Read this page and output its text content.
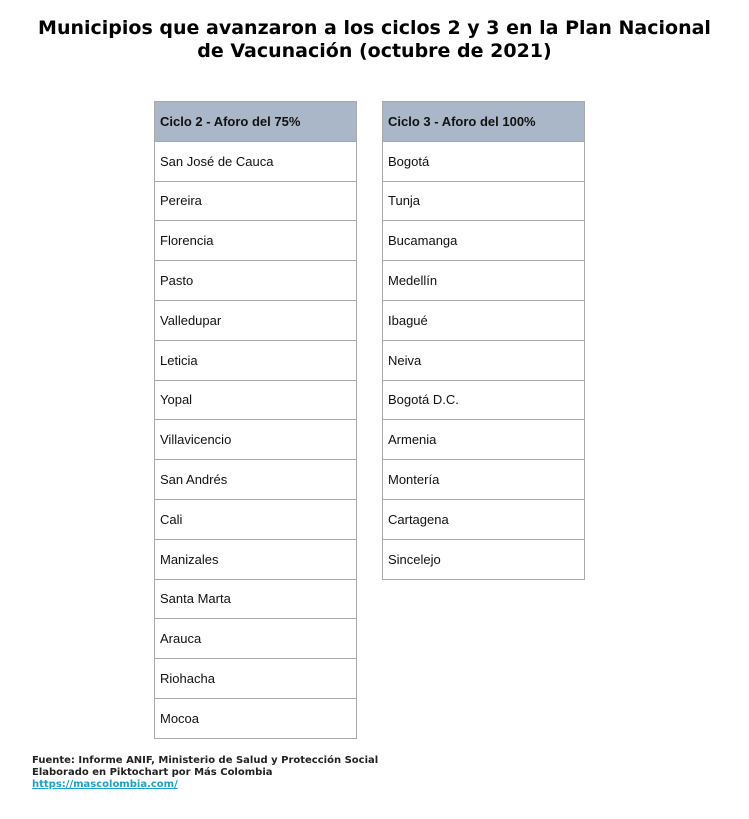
Municipios que avanzaron a los ciclos 2 y 3 en la Plan Nacional
de Vacunación (octubre de 2021)
Ciclo 2 - Aforo del 75%
San José de Cauca
Pereira
Florencia
Pasto
Valledupar
Leticia
Yopal
Villavicencio
San Andrés
Cali
Manizales
Santa Marta
Arauca
Riohacha
Mocoa
Ciclo 3 - Aforo del 100%
Bogotá
Tunja
Bucamanga
Medellín
Ibagué
Neiva
Bogotá D.C.
Armenia
Montería
Cartagena
Sincelejo
Fuente: Informe ANIF, Ministerio de Salud y Protección Social
Elaborado en Piktochart por Más Colombia
https://mascolombia.com/
